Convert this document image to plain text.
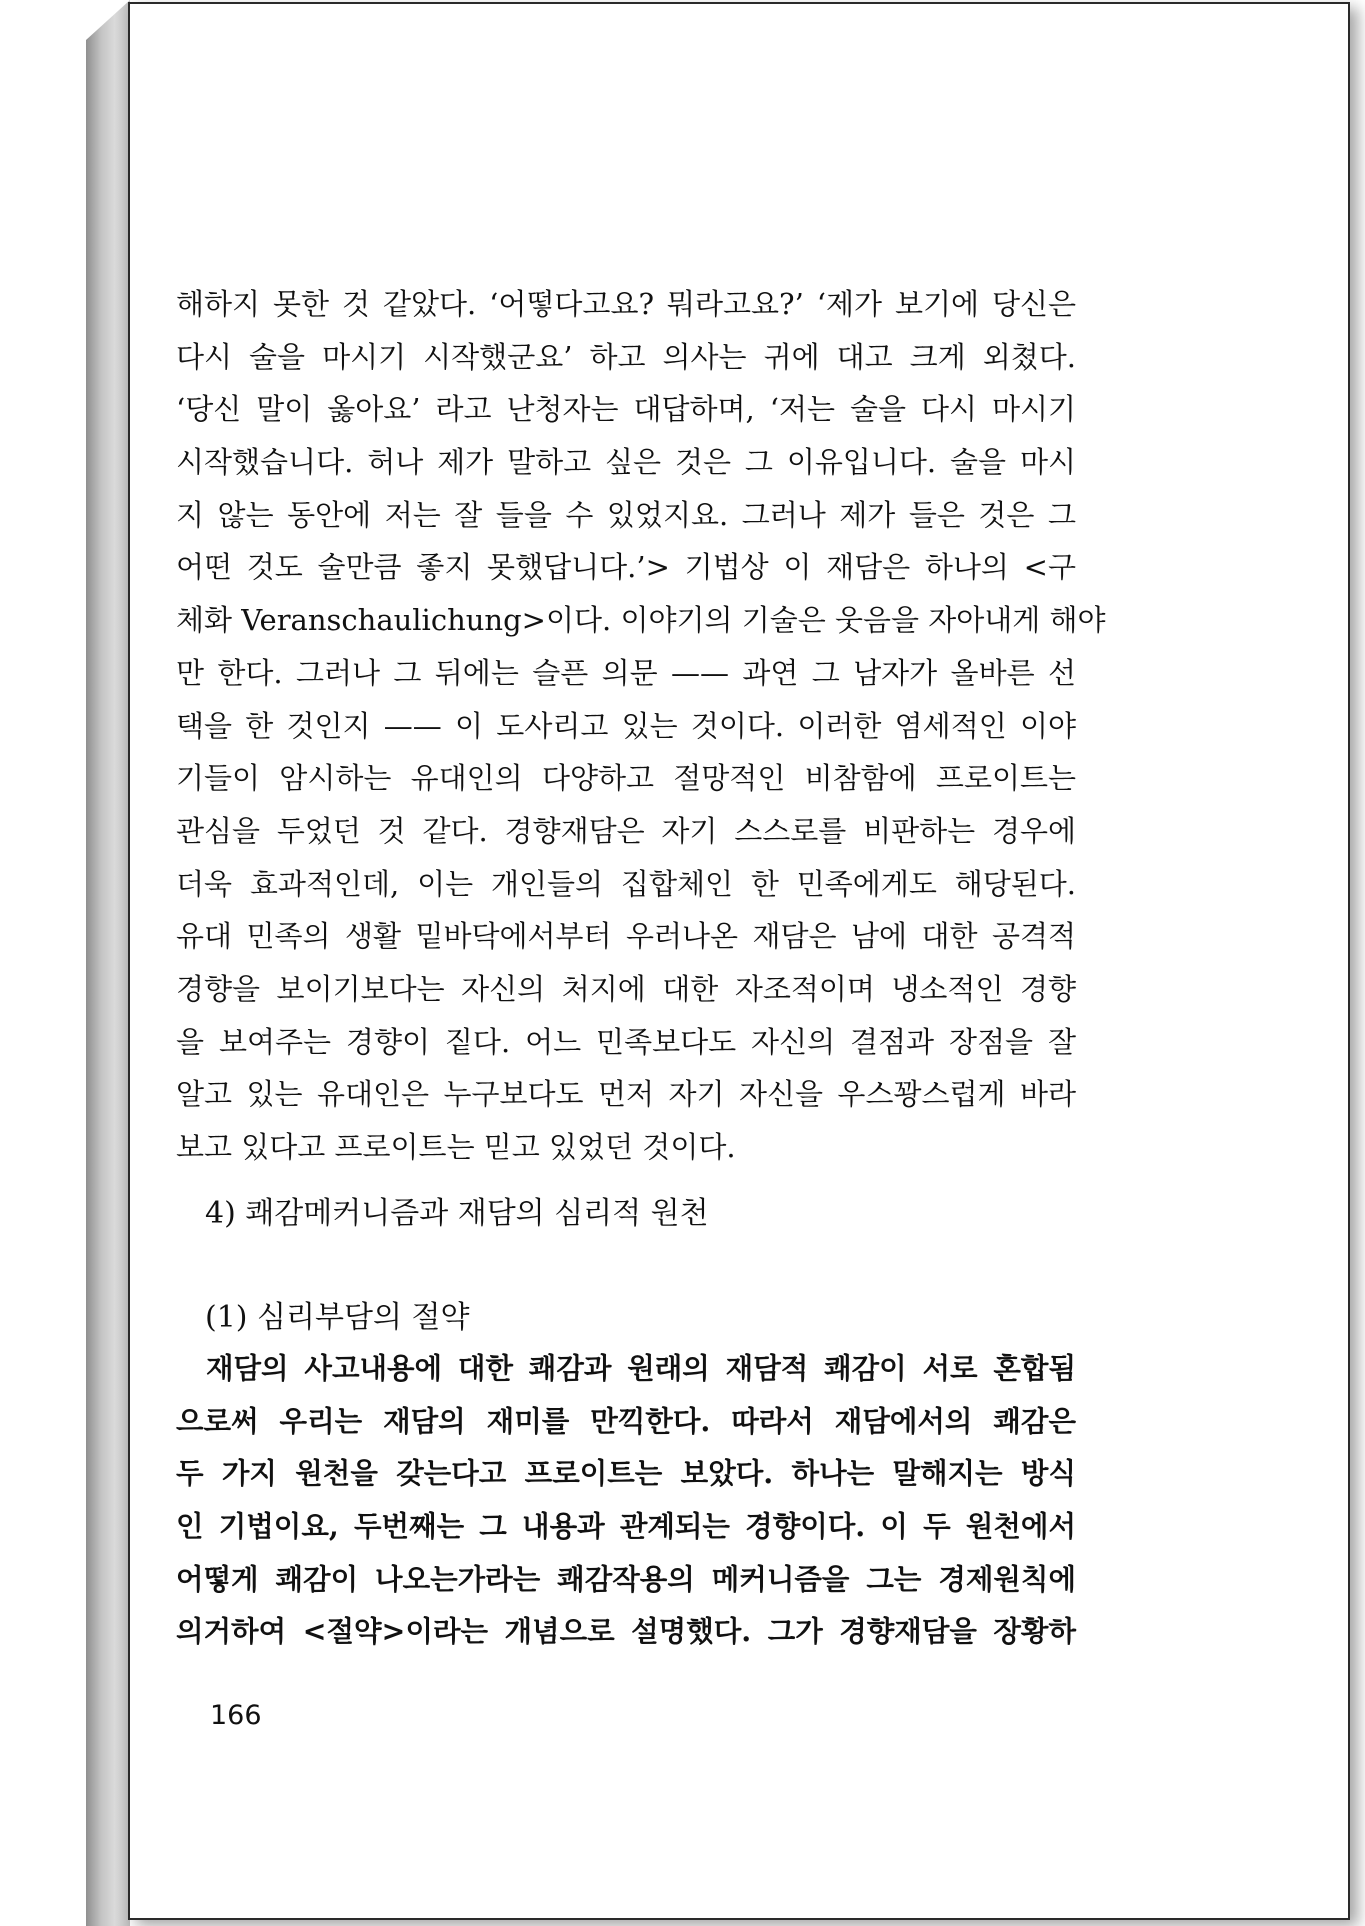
해하지 못한 것 같았다. ‘어떻다고요? 뭐라고요?’ ‘제가 보기에 당신은
다시 술을 마시기 시작했군요’ 하고 의사는 귀에 대고 크게 외쳤다.
‘당신 말이 옳아요’ 라고 난청자는 대답하며, ‘저는 술을 다시 마시기
시작했습니다. 허나 제가 말하고 싶은 것은 그 이유입니다. 술을 마시
지 않는 동안에 저는 잘 들을 수 있었지요. 그러나 제가 들은 것은 그
어떤 것도 술만큼 좋지 못했답니다.’> 기법상 이 재담은 하나의 <구
체화 Veranschaulichung>이다. 이야기의 기술은 웃음을 자아내게 해야
만 한다. 그러나 그 뒤에는 슬픈 의문 —— 과연 그 남자가 올바른 선
택을 한 것인지 —— 이 도사리고 있는 것이다. 이러한 염세적인 이야
기들이 암시하는 유대인의 다양하고 절망적인 비참함에 프로이트는
관심을 두었던 것 같다. 경향재담은 자기 스스로를 비판하는 경우에
더욱 효과적인데, 이는 개인들의 집합체인 한 민족에게도 해당된다.
유대 민족의 생활 밑바닥에서부터 우러나온 재담은 남에 대한 공격적
경향을 보이기보다는 자신의 처지에 대한 자조적이며 냉소적인 경향
을 보여주는 경향이 짙다. 어느 민족보다도 자신의 결점과 장점을 잘
알고 있는 유대인은 누구보다도 먼저 자기 자신을 우스꽝스럽게 바라
보고 있다고 프로이트는 믿고 있었던 것이다.
4) 쾌감메커니즘과 재담의 심리적 원천
(1) 심리부담의 절약
재담의 사고내용에 대한 쾌감과 원래의 재담적 쾌감이 서로 혼합됨
으로써 우리는 재담의 재미를 만끽한다. 따라서 재담에서의 쾌감은
두 가지 원천을 갖는다고 프로이트는 보았다. 하나는 말해지는 방식
인 기법이요, 두번째는 그 내용과 관계되는 경향이다. 이 두 원천에서
어떻게 쾌감이 나오는가라는 쾌감작용의 메커니즘을 그는 경제원칙에
의거하여 <절약>이라는 개념으로 설명했다. 그가 경향재담을 장황하
166
